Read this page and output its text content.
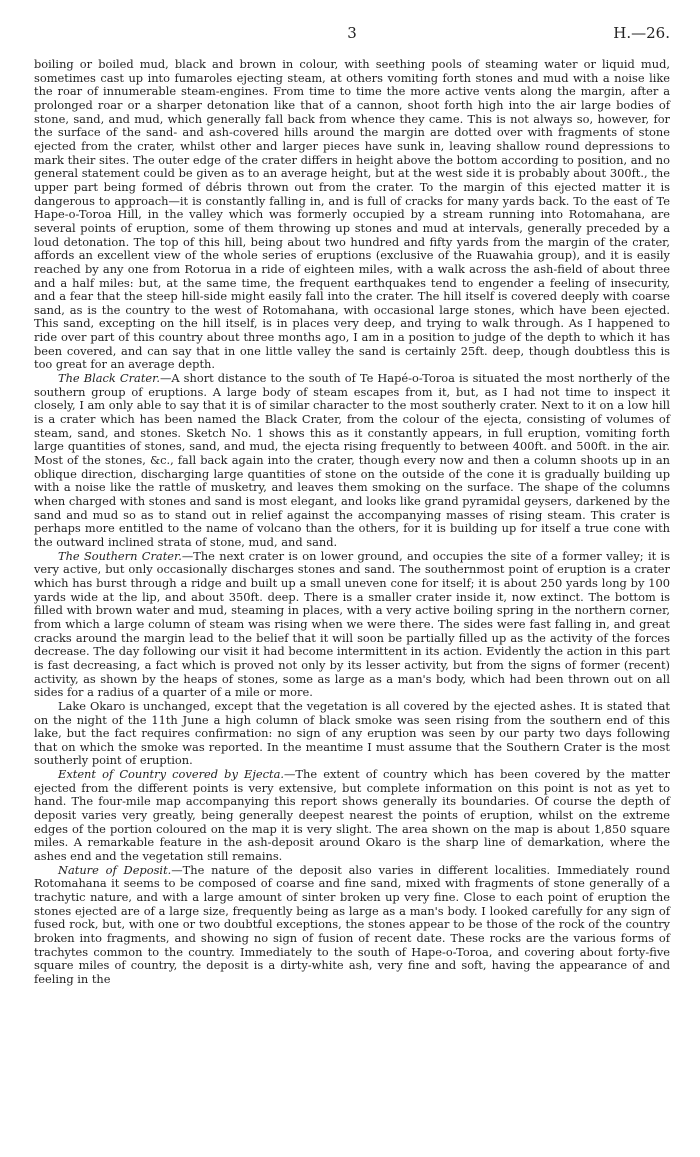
3	H.—26.

boiling or boiled mud, black and brown in colour, with seething pools of steaming water or liquid mud, sometimes cast up into fumaroles ejecting steam, at others vomiting forth stones and mud with a noise like the roar of innumerable steam-engines. From time to time the more active vents along the margin, after a prolonged roar or a sharper detonation like that of a cannon, shoot forth high into the air large bodies of stone, sand, and mud, which generally fall back from whence they came. This is not always so, however, for the surface of the sand- and ash-covered hills around the margin are dotted over with fragments of stone ejected from the crater, whilst other and larger pieces have sunk in, leaving shallow round depressions to mark their sites. The outer edge of the crater differs in height above the bottom according to position, and no general statement could be given as to an average height, but at the west side it is probably about 300ft., the upper part being formed of débris thrown out from the crater. To the margin of this ejected matter it is dangerous to approach—it is constantly falling in, and is full of cracks for many yards back. To the east of Te Hape-o-Toroa Hill, in the valley which was formerly occupied by a stream running into Rotomahana, are several points of eruption, some of them throwing up stones and mud at intervals, generally preceded by a loud detonation. The top of this hill, being about two hundred and fifty yards from the margin of the crater, affords an excellent view of the whole series of eruptions (exclusive of the Ruawahia group), and it is easily reached by any one from Rotorua in a ride of eighteen miles, with a walk across the ash-field of about three and a half miles: but, at the same time, the frequent earthquakes tend to engender a feeling of insecurity, and a fear that the steep hill-side might easily fall into the crater. The hill itself is covered deeply with coarse sand, as is the country to the west of Rotomahana, with occasional large stones, which have been ejected. This sand, excepting on the hill itself, is in places very deep, and trying to walk through. As I happened to ride over part of this country about three months ago, I am in a position to judge of the depth to which it has been covered, and can say that in one little valley the sand is certainly 25ft. deep, though doubtless this is too great for an average depth.

The Black Crater.—A short distance to the south of Te Hapé-o-Toroa is situated the most northerly of the southern group of eruptions. A large body of steam escapes from it, but, as I had not time to inspect it closely, I am only able to say that it is of similar character to the most southerly crater. Next to it on a low hill is a crater which has been named the Black Crater, from the colour of the ejecta, consisting of volumes of steam, sand, and stones. Sketch No. 1 shows this as it constantly appears, in full eruption, vomiting forth large quantities of stones, sand, and mud, the ejecta rising frequently to between 400ft. and 500ft. in the air. Most of the stones, &c., fall back again into the crater, though every now and then a column shoots up in an oblique direction, discharging large quantities of stone on the outside of the cone it is gradually building up with a noise like the rattle of musketry, and leaves them smoking on the surface. The shape of the columns when charged with stones and sand is most elegant, and looks like grand pyramidal geysers, darkened by the sand and mud so as to stand out in relief against the accompanying masses of rising steam. This crater is perhaps more entitled to the name of volcano than the others, for it is building up for itself a true cone with the outward inclined strata of stone, mud, and sand.

The Southern Crater.—The next crater is on lower ground, and occupies the site of a former valley; it is very active, but only occasionally discharges stones and sand. The southernmost point of eruption is a crater which has burst through a ridge and built up a small uneven cone for itself; it is about 250 yards long by 100 yards wide at the lip, and about 350ft. deep. There is a smaller crater inside it, now extinct. The bottom is filled with brown water and mud, steaming in places, with a very active boiling spring in the northern corner, from which a large column of steam was rising when we were there. The sides were fast falling in, and great cracks around the margin lead to the belief that it will soon be partially filled up as the activity of the forces decrease. The day following our visit it had become intermittent in its action. Evidently the action in this part is fast decreasing, a fact which is proved not only by its lesser activity, but from the signs of former (recent) activity, as shown by the heaps of stones, some as large as a man's body, which had been thrown out on all sides for a radius of a quarter of a mile or more.

Lake Okaro is unchanged, except that the vegetation is all covered by the ejected ashes. It is stated that on the night of the 11th June a high column of black smoke was seen rising from the southern end of this lake, but the fact requires confirmation: no sign of any eruption was seen by our party two days following that on which the smoke was reported. In the meantime I must assume that the Southern Crater is the most southerly point of eruption.

Extent of Country covered by Ejecta.—The extent of country which has been covered by the matter ejected from the different points is very extensive, but complete information on this point is not as yet to hand. The four-mile map accompanying this report shows generally its boundaries. Of course the depth of deposit varies very greatly, being generally deepest nearest the points of eruption, whilst on the extreme edges of the portion coloured on the map it is very slight. The area shown on the map is about 1,850 square miles. A remarkable feature in the ash-deposit around Okaro is the sharp line of demarkation, where the ashes end and the vegetation still remains.

Nature of Deposit.—The nature of the deposit also varies in different localities. Immediately round Rotomahana it seems to be composed of coarse and fine sand, mixed with fragments of stone generally of a trachytic nature, and with a large amount of sinter broken up very fine. Close to each point of eruption the stones ejected are of a large size, frequently being as large as a man's body. I looked carefully for any sign of fused rock, but, with one or two doubtful exceptions, the stones appear to be those of the rock of the country broken into fragments, and showing no sign of fusion of recent date. These rocks are the various forms of trachytes common to the country. Immediately to the south of Hape-o-Toroa, and covering about forty-five square miles of country, the deposit is a dirty-white ash, very fine and soft, having the appearance of and feeling in the
